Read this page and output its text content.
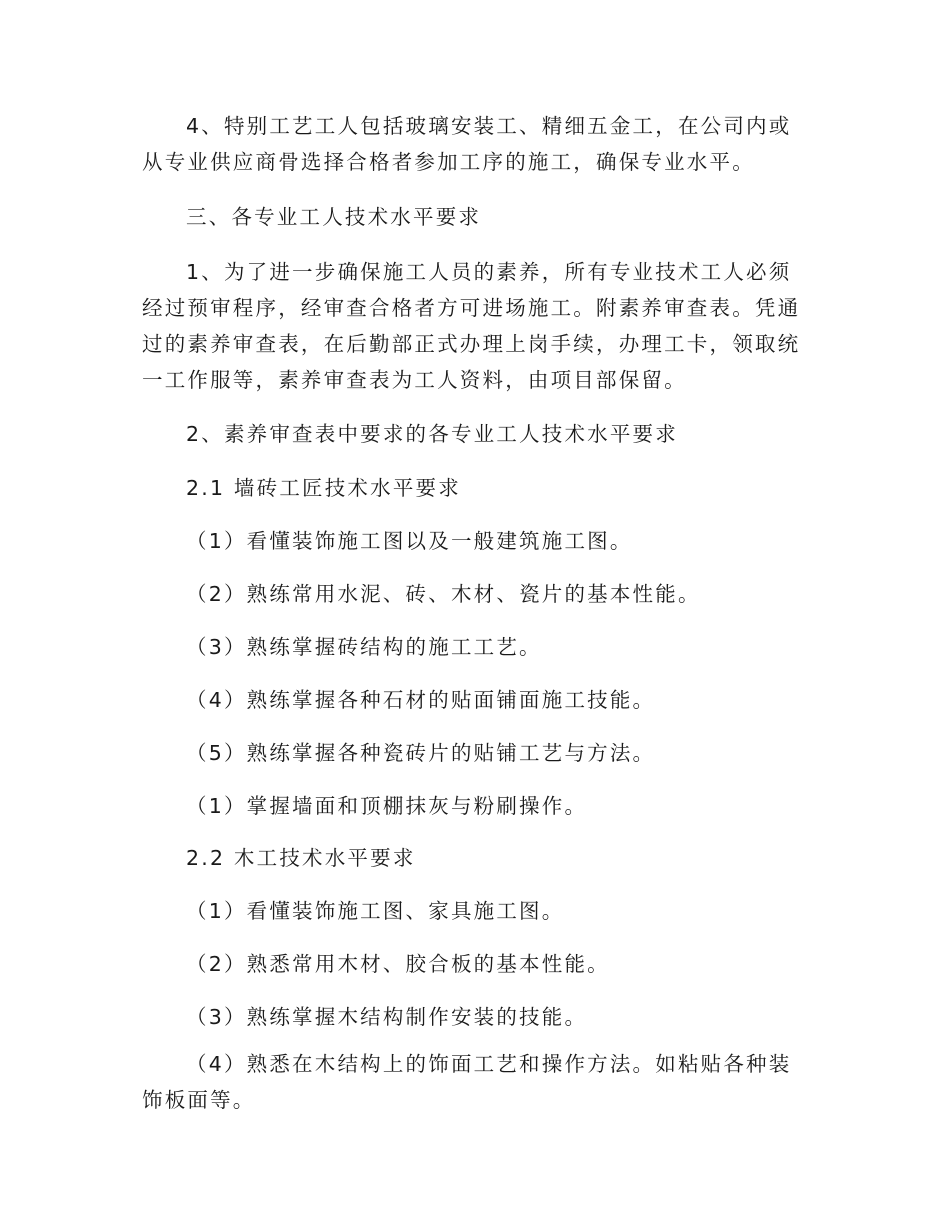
4、特别工艺工人包括玻璃安装工、精细五金工，在公司内或从专业供应商骨选择合格者参加工序的施工，确保专业水平。

三、各专业工人技术水平要求

1、为了进一步确保施工人员的素养，所有专业技术工人必须经过预审程序，经审查合格者方可进场施工。附素养审查表。凭通过的素养审查表，在后勤部正式办理上岗手续，办理工卡，领取统一工作服等，素养审查表为工人资料，由项目部保留。

2、素养审查表中要求的各专业工人技术水平要求

2.1 墙砖工匠技术水平要求

（1）看懂装饰施工图以及一般建筑施工图。

（2）熟练常用水泥、砖、木材、瓷片的基本性能。

（3）熟练掌握砖结构的施工工艺。

（4）熟练掌握各种石材的贴面铺面施工技能。

（5）熟练掌握各种瓷砖片的贴铺工艺与方法。

（1）掌握墙面和顶棚抹灰与粉刷操作。

2.2 木工技术水平要求

（1）看懂装饰施工图、家具施工图。

（2）熟悉常用木材、胶合板的基本性能。

（3）熟练掌握木结构制作安装的技能。

（4）熟悉在木结构上的饰面工艺和操作方法。如粘贴各种装饰板面等。
